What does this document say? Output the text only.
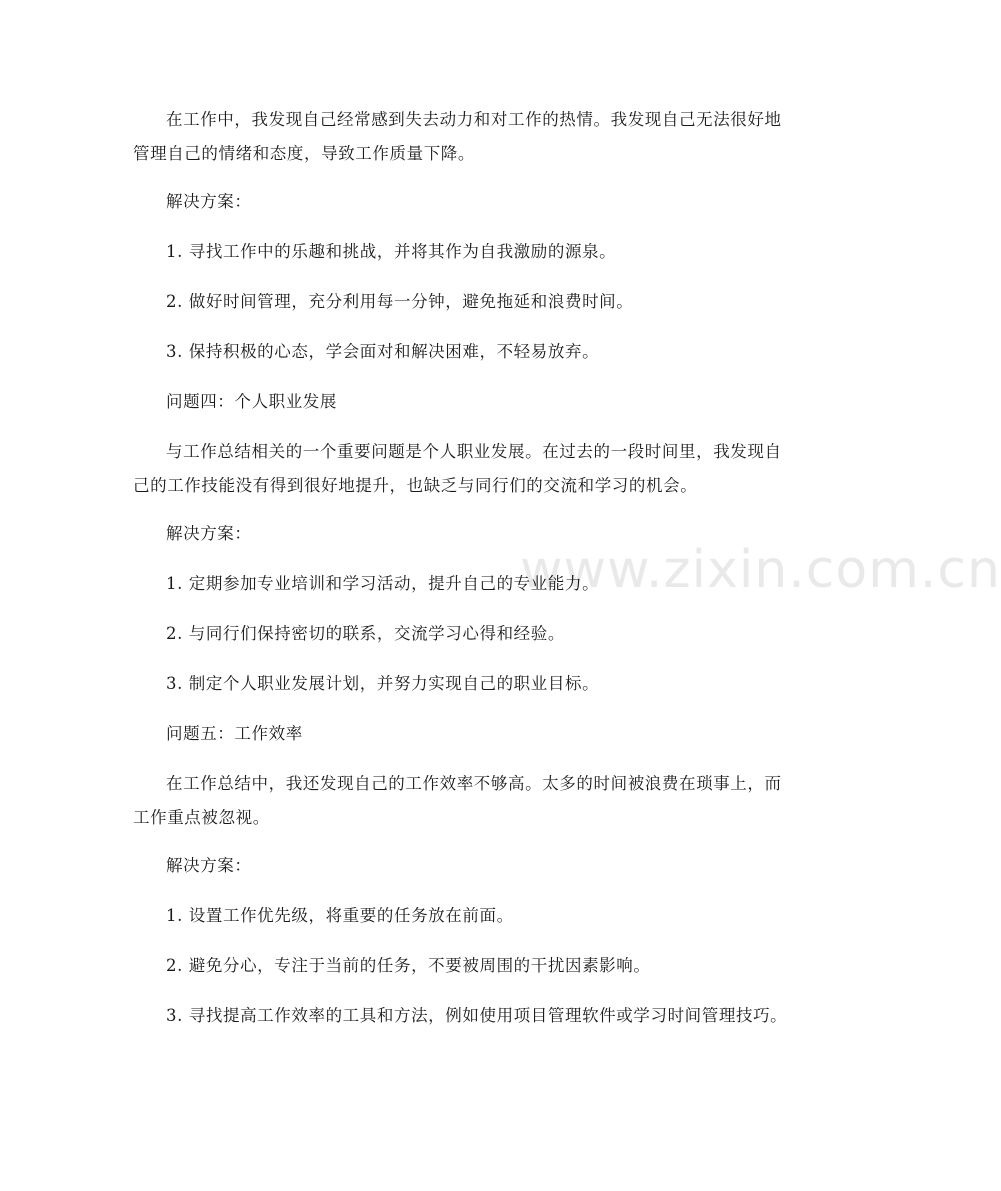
www.zixin.com.cn

在工作中，我发现自己经常感到失去动力和对工作的热情。我发现自己无法很好地管理自己的情绪和态度，导致工作质量下降。

解决方案：

1. 寻找工作中的乐趣和挑战，并将其作为自我激励的源泉。

2. 做好时间管理，充分利用每一分钟，避免拖延和浪费时间。

3. 保持积极的心态，学会面对和解决困难，不轻易放弃。

问题四：个人职业发展

与工作总结相关的一个重要问题是个人职业发展。在过去的一段时间里，我发现自己的工作技能没有得到很好地提升，也缺乏与同行们的交流和学习的机会。

解决方案：

1. 定期参加专业培训和学习活动，提升自己的专业能力。

2. 与同行们保持密切的联系，交流学习心得和经验。

3. 制定个人职业发展计划，并努力实现自己的职业目标。

问题五：工作效率

在工作总结中，我还发现自己的工作效率不够高。太多的时间被浪费在琐事上，而工作重点被忽视。

解决方案：

1. 设置工作优先级，将重要的任务放在前面。

2. 避免分心，专注于当前的任务，不要被周围的干扰因素影响。

3. 寻找提高工作效率的工具和方法，例如使用项目管理软件或学习时间管理技巧。
